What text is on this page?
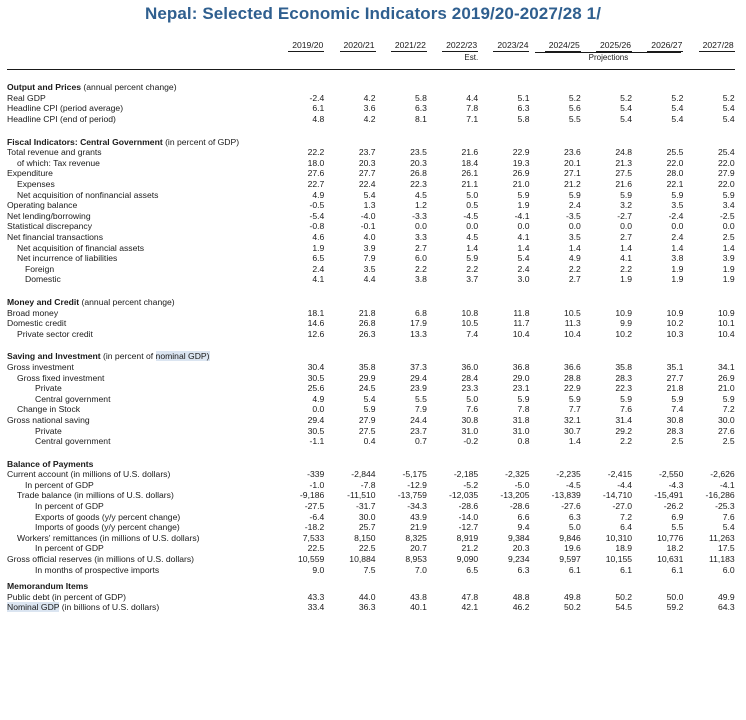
Nepal: Selected Economic Indicators 2019/20-2027/28 1/
	2019/20	2020/21	2021/22	2022/23	2023/24	2024/25	2025/26	2026/27	2027/28	
				Est.		Projections				

Output and Prices (annual percent change)										
Real GDP	-2.4	4.2	5.8	4.4	5.1	5.2	5.2	5.2	5.2	
Headline CPI (period average)	6.1	3.6	6.3	7.8	6.3	5.6	5.4	5.4	5.4	
Headline CPI (end of period)	4.8	4.2	8.1	7.1	5.8	5.5	5.4	5.4	5.4	

Fiscal Indicators: Central Government (in percent of GDP)										
Total revenue and grants	22.2	23.7	23.5	21.6	22.9	23.6	24.8	25.5	25.4	
of which: Tax revenue	18.0	20.3	20.3	18.4	19.3	20.1	21.3	22.0	22.0	
Expenditure	27.6	27.7	26.8	26.1	26.9	27.1	27.5	28.0	27.9	
Expenses	22.7	22.4	22.3	21.1	21.0	21.2	21.6	22.1	22.0	
Net acquisition of nonfinancial assets	4.9	5.4	4.5	5.0	5.9	5.9	5.9	5.9	5.9	
Operating balance	-0.5	1.3	1.2	0.5	1.9	2.4	3.2	3.5	3.4	
Net lending/borrowing	-5.4	-4.0	-3.3	-4.5	-4.1	-3.5	-2.7	-2.4	-2.5	
Statistical discrepancy	-0.8	-0.1	0.0	0.0	0.0	0.0	0.0	0.0	0.0	
Net financial transactions	4.6	4.0	3.3	4.5	4.1	3.5	2.7	2.4	2.5	
Net acquisition of financial assets	1.9	3.9	2.7	1.4	1.4	1.4	1.4	1.4	1.4	
Net incurrence of liabilities	6.5	7.9	6.0	5.9	5.4	4.9	4.1	3.8	3.9	
Foreign	2.4	3.5	2.2	2.2	2.4	2.2	2.2	1.9	1.9	
Domestic	4.1	4.4	3.8	3.7	3.0	2.7	1.9	1.9	1.9	

Money and Credit (annual percent change)										
Broad money	18.1	21.8	6.8	10.8	11.8	10.5	10.9	10.9	10.9	
Domestic credit	14.6	26.8	17.9	10.5	11.7	11.3	9.9	10.2	10.1	
Private sector credit	12.6	26.3	13.3	7.4	10.4	10.4	10.2	10.3	10.4	

Saving and Investment (in percent of nominal GDP)										
Gross investment	30.4	35.8	37.3	36.0	36.8	36.6	35.8	35.1	34.1	
Gross fixed investment	30.5	29.9	29.4	28.4	29.0	28.8	28.3	27.7	26.9	
Private	25.6	24.5	23.9	23.3	23.1	22.9	22.3	21.8	21.0	
Central government	4.9	5.4	5.5	5.0	5.9	5.9	5.9	5.9	5.9	
Change in Stock	0.0	5.9	7.9	7.6	7.8	7.7	7.6	7.4	7.2	
Gross national saving	29.4	27.9	24.4	30.8	31.8	32.1	31.4	30.8	30.0	
Private	30.5	27.5	23.7	31.0	31.0	30.7	29.2	28.3	27.6	
Central government	-1.1	0.4	0.7	-0.2	0.8	1.4	2.2	2.5	2.5	

Balance of Payments										
Current account (in millions of U.S. dollars)	-339	-2,844	-5,175	-2,185	-2,325	-2,235	-2,415	-2,550	-2,626	
In percent of GDP	-1.0	-7.8	-12.9	-5.2	-5.0	-4.5	-4.4	-4.3	-4.1	
Trade balance (in millions of U.S. dollars)	-9,186	-11,510	-13,759	-12,035	-13,205	-13,839	-14,710	-15,491	-16,286	
In percent of GDP	-27.5	-31.7	-34.3	-28.6	-28.6	-27.6	-27.0	-26.2	-25.3	
Exports of goods (y/y percent change)	-6.4	30.0	43.9	-14.0	6.6	6.3	7.2	6.9	7.6	
Imports of goods (y/y percent change)	-18.2	25.7	21.9	-12.7	9.4	5.0	6.4	5.5	5.4	
Workers' remittances (in millions of U.S. dollars)	7,533	8,150	8,325	8,919	9,384	9,846	10,310	10,776	11,263	
In percent of GDP	22.5	22.5	20.7	21.2	20.3	19.6	18.9	18.2	17.5	
Gross official reserves (in millions of U.S. dollars)	10,559	10,884	8,953	9,090	9,234	9,597	10,155	10,631	11,183	
In months of prospective imports	9.0	7.5	7.0	6.5	6.3	6.1	6.1	6.1	6.0	

Memorandum Items										
Public debt (in percent of GDP)	43.3	44.0	43.8	47.8	48.8	49.8	50.2	50.0	49.9	
Nominal GDP (in billions of U.S. dollars)	33.4	36.3	40.1	42.1	46.2	50.2	54.5	59.2	64.3	
